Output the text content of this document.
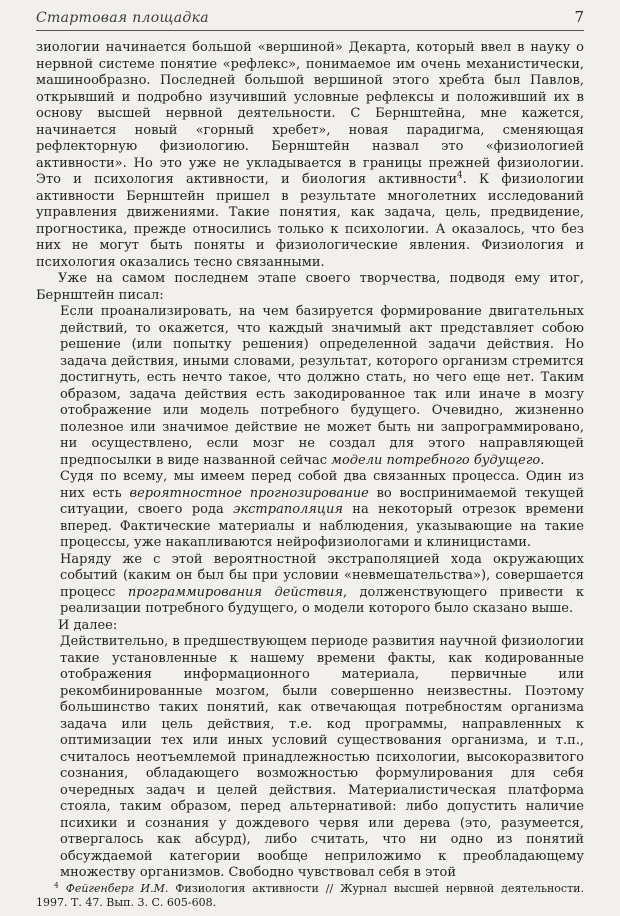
Стартовая площадка	7

зиологии начинается большой «вершиной» Декарта, который ввел в науку о нервной системе понятие «рефлекс», понимаемое им очень механистически, машинообразно. Последней большой вершиной этого хребта был Павлов, открывший и подробно изучивший условные рефлексы и положивший их в основу высшей нервной деятельности. С Бернштейна, мне кажется, начинается новый «горный хребет», новая парадигма, сменяющая рефлекторную физиологию. Бернштейн назвал это «физиологией активности». Но это уже не укладывается в границы прежней физиологии. Это и психология активности, и биология активности$^4$. К физиологии активности Бернштейн пришел в результате многолетних исследований управления движениями. Такие понятия, как задача, цель, предвидение, прогностика, прежде относились только к психологии. А оказалось, что без них не могут быть поняты и физиологические явления. Физиология и психология оказались тесно связанными.

Уже на самом последнем этапе своего творчества, подводя ему итог, Бернштейн писал:

Если проанализировать, на чем базируется формирование двигательных действий, то окажется, что каждый значимый акт представляет собою решение (или попытку решения) определенной задачи действия. Но задача действия, иными словами, результат, которого организм стремится достигнуть, есть нечто такое, что должно стать, но чего еще нет. Таким образом, задача действия есть закодированное так или иначе в мозгу отображение или модель потребного будущего. Очевидно, жизненно полезное или значимое действие не может быть ни запрограммировано, ни осуществлено, если мозг не создал для этого направляющей предпосылки в виде названной сейчас модели потребного будущего.

Судя по всему, мы имеем перед собой два связанных процесса. Один из них есть вероятностное прогнозирование во воспринимаемой текущей ситуации, своего рода экстраполяция на некоторый отрезок времени вперед. Фактические материалы и наблюдения, указывающие на такие процессы, уже накапливаются нейрофизиологами и клиницистами.

Наряду же с этой вероятностной экстраполяцией хода окружающих событий (каким он был бы при условии «невмешательства»), совершается процесс программирования действия, долженствующего привести к реализации потребного будущего, о модели которого было сказано выше.

И далее:

Действительно, в предшествующем периоде развития научной физиологии такие установленные к нашему времени факты, как кодированные отображения информационного материала, первичные или рекомбинированные мозгом, были совершенно неизвестны. Поэтому большинство таких понятий, как отвечающая потребностям организма задача или цель действия, т.е. код программы, направленных к оптимизации тех или иных условий существования организма, и т.п., считалось неотъемлемой принадлежностью психологии, высокоразвитого сознания, обладающего возможностью формулирования для себя очередных задач и целей действия. Материалистическая платформа стояла, таким образом, перед альтернативой: либо допустить наличие психики и сознания у дождевого червя или дерева (это, разумеется, отвергалось как абсурд), либо считать, что ни одно из понятий обсуждаемой категории вообще неприложимо к преобладающему множеству организмов. Свободно чувствовал себя в этой

$^4$ Фейгенберг И.М. Физиология активности // Журнал высшей нервной деятельности. 1997. Т. 47. Вып. 3. С. 605-608.
